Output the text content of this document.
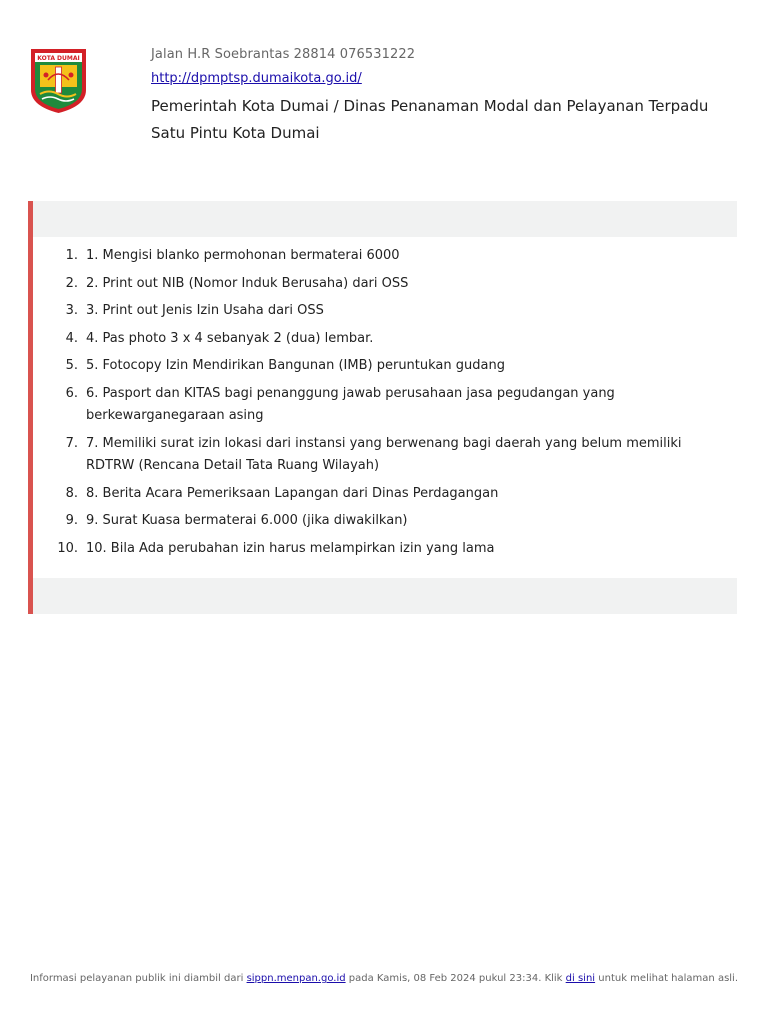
KOTA DUMAI	Jalan H.R Soebrantas 28814 076531222
http://dpmptsp.dumaikota.go.id/
Pemerintah Kota Dumai / Dinas Penanaman Modal dan Pelayanan Terpadu Satu Pintu Kota Dumai
1. 1. Mengisi blanko permohonan bermaterai 6000
2. 2. Print out NIB (Nomor Induk Berusaha) dari OSS
3. 3. Print out Jenis Izin Usaha dari OSS
4. 4. Pas photo 3 x 4 sebanyak 2 (dua) lembar.
5. 5. Fotocopy Izin Mendirikan Bangunan (IMB) peruntukan gudang
6. 6. Pasport dan KITAS bagi penanggung jawab perusahaan jasa pegudangan yang berkewarganegaraan asing
7. 7. Memiliki surat izin lokasi dari instansi yang berwenang bagi daerah yang belum memiliki RDTRW (Rencana Detail Tata Ruang Wilayah)
8. 8. Berita Acara Pemeriksaan Lapangan dari Dinas Perdagangan
9. 9. Surat Kuasa bermaterai 6.000 (jika diwakilkan)
10. 10. Bila Ada perubahan izin harus melampirkan izin yang lama
Informasi pelayanan publik ini diambil dari sippn.menpan.go.id pada Kamis, 08 Feb 2024 pukul 23:34. Klik di sini untuk melihat halaman asli.
